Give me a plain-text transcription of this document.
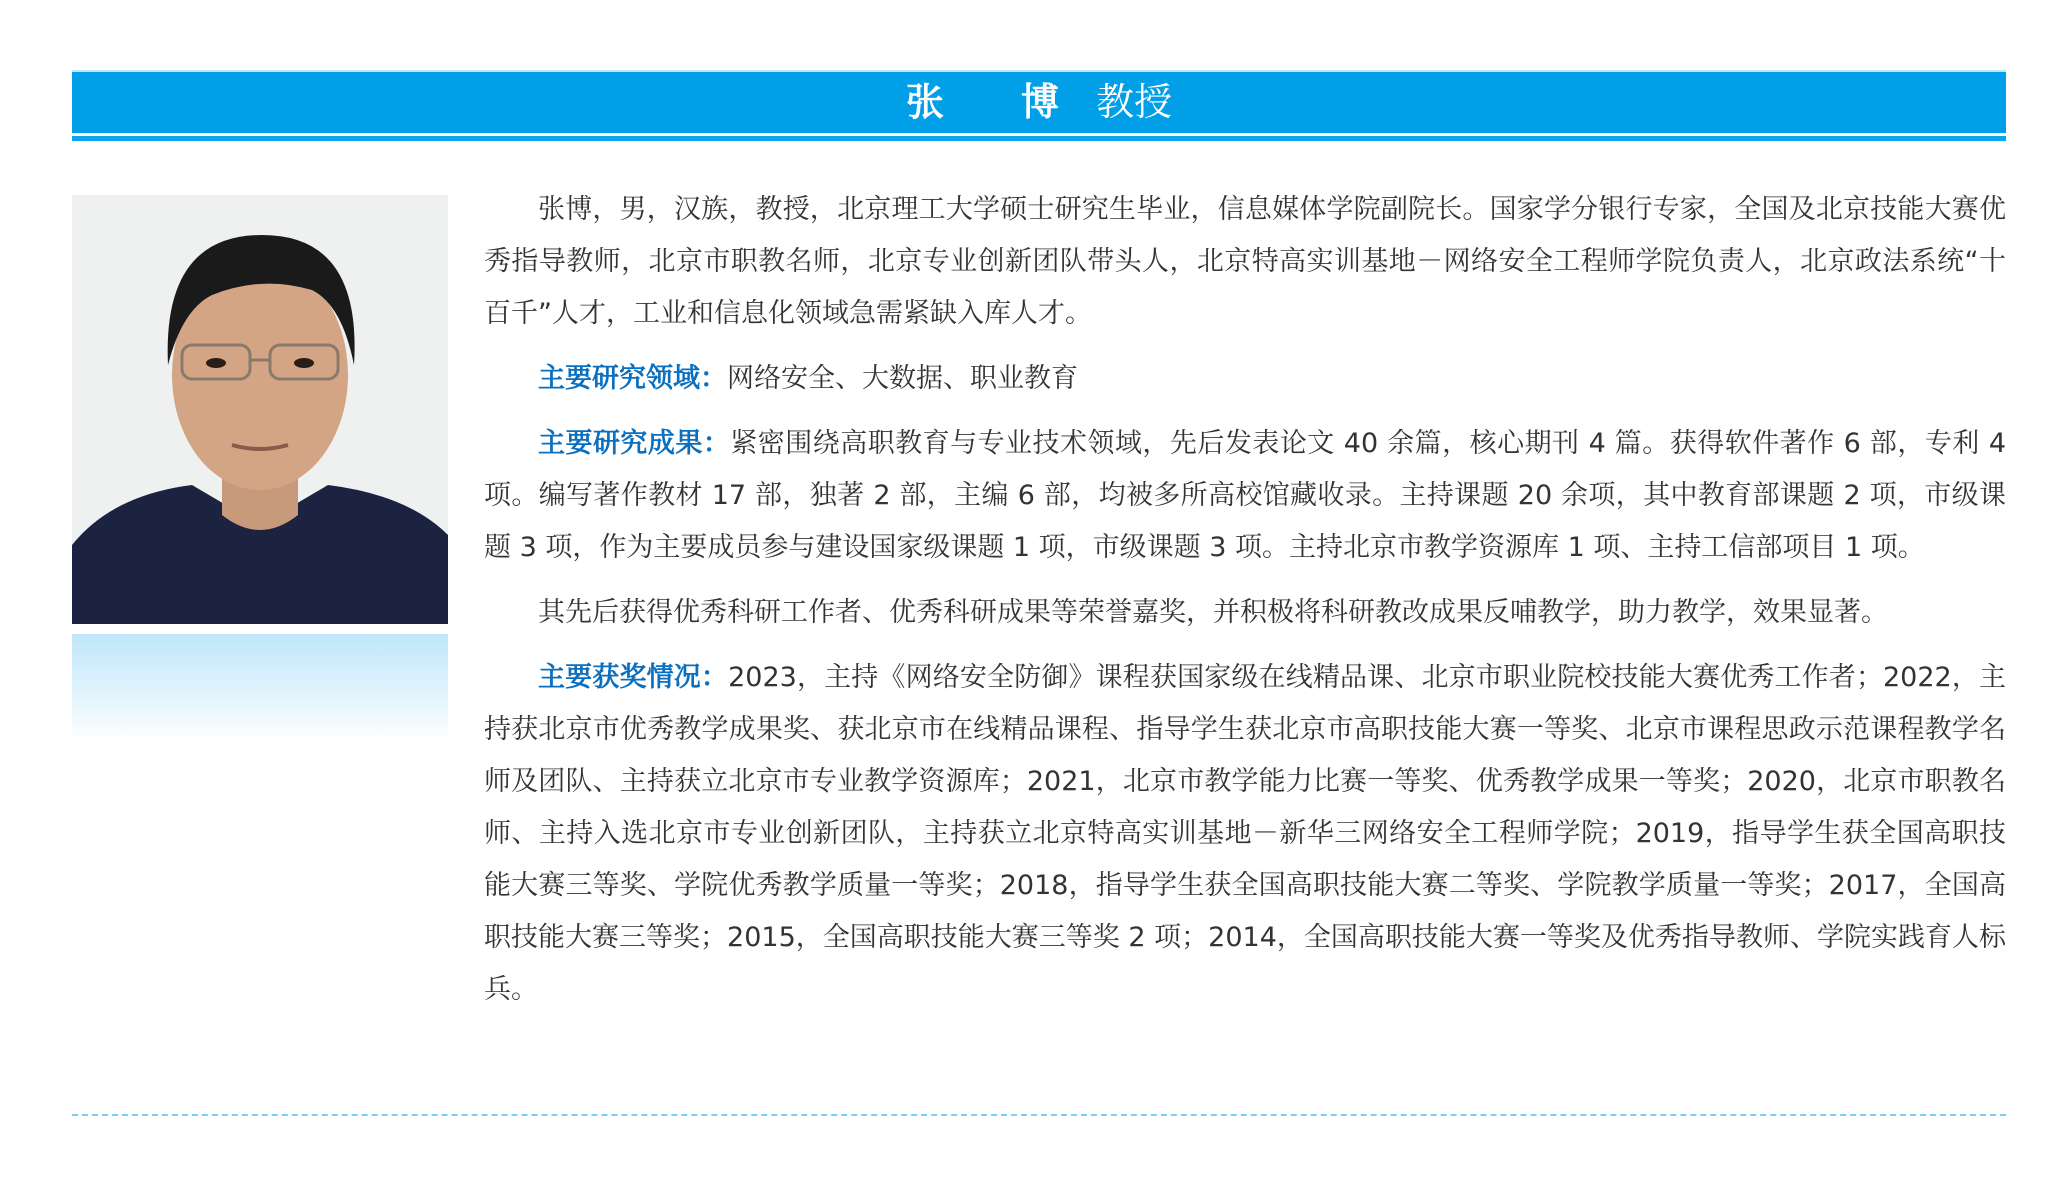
张 博 教授

张博，男，汉族，教授，北京理工大学硕士研究生毕业，信息媒体学院副院长。国家学分银行专家，全国及北京技能大赛优秀指导教师，北京市职教名师，北京专业创新团队带头人，北京特高实训基地－网络安全工程师学院负责人，北京政法系统“十百千”人才，工业和信息化领域急需紧缺入库人才。

主要研究领域：网络安全、大数据、职业教育

主要研究成果：紧密围绕高职教育与专业技术领域，先后发表论文 40 余篇，核心期刊 4 篇。获得软件著作 6 部，专利 4 项。编写著作教材 17 部，独著 2 部，主编 6 部，均被多所高校馆藏收录。主持课题 20 余项，其中教育部课题 2 项，市级课题 3 项，作为主要成员参与建设国家级课题 1 项，市级课题 3 项。主持北京市教学资源库 1 项、主持工信部项目 1 项。

其先后获得优秀科研工作者、优秀科研成果等荣誉嘉奖，并积极将科研教改成果反哺教学，助力教学，效果显著。

主要获奖情况：2023，主持《网络安全防御》课程获国家级在线精品课、北京市职业院校技能大赛优秀工作者；2022，主持获北京市优秀教学成果奖、获北京市在线精品课程、指导学生获北京市高职技能大赛一等奖、北京市课程思政示范课程教学名师及团队、主持获立北京市专业教学资源库；2021，北京市教学能力比赛一等奖、优秀教学成果一等奖；2020，北京市职教名师、主持入选北京市专业创新团队，主持获立北京特高实训基地－新华三网络安全工程师学院；2019，指导学生获全国高职技能大赛三等奖、学院优秀教学质量一等奖；2018，指导学生获全国高职技能大赛二等奖、学院教学质量一等奖；2017，全国高职技能大赛三等奖；2015，全国高职技能大赛三等奖 2 项；2014，全国高职技能大赛一等奖及优秀指导教师、学院实践育人标兵。
